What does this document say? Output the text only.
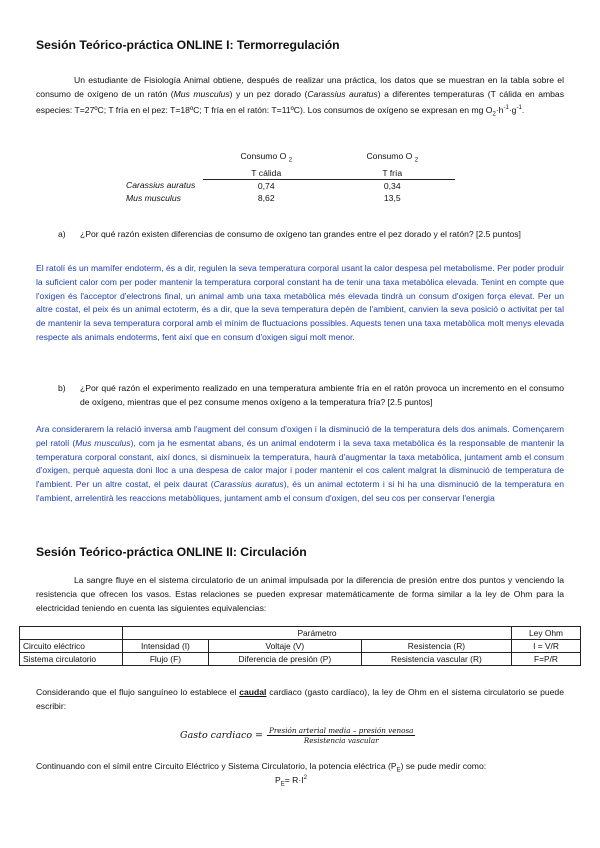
Sesión Teórico-práctica ONLINE I: Termorregulación
Un estudiante de Fisiología Animal obtiene, después de realizar una práctica, los datos que se muestran en la tabla sobre el consumo de oxígeno de un ratón (Mus musculus) y un pez dorado (Carassius auratus) a diferentes temperaturas (T cálida en ambas especies: T=27ºC; T fría en el pez: T=18ºC; T fría en el ratón: T=11ºC). Los consumos de oxígeno se expresan en mg $O_2\cdot h^{-1}\cdot g^{-1}$.
	Consumo O $_2$	Consumo O $_2$
	T cálida	T fría
Carassius auratus	0,74	0,34
Mus musculus	8,62	13,5
a) ¿Por qué razón existen diferencias de consumo de oxígeno tan grandes entre el pez dorado y el ratón? [2.5 puntos]
El ratolí és un mamífer endoterm, és a dir, regulen la seva temperatura corporal usant la calor despesa pel metabolisme. Per poder produir la suficient calor com per poder mantenir la temperatura corporal constant ha de tenir una taxa metabòlica elevada. Tenint en compte que l'oxigen és l'acceptor d'electrons final, un animal amb una taxa metabòlica més elevada tindrà un consum d'oxigen força elevat. Per un altre costat, el peix és un animal ectoterm, és a dir, que la seva temperatura depèn de l'ambient, canvien la seva posició o activitat per tal de mantenir la seva temperatura corporal amb el mínim de fluctuacions possibles. Aquests tenen una taxa metabòlica molt menys elevada respecte als animals endoterms, fent així que en consum d'oxigen sigui molt menor.
b) ¿Por qué razón el experimento realizado en una temperatura ambiente fría en el ratón provoca un incremento en el consumo de oxígeno, mientras que el pez consume menos oxígeno a la temperatura fría? [2.5 puntos]
Ara considerarem la relació inversa amb l'augment del consum d'oxigen i la disminució de la temperatura dels dos animals. Començarem pel ratolí (Mus musculus), com ja he esmentat abans, és un animal endoterm i la seva taxa metabòlica és la responsable de mantenir la temperatura corporal constant, així doncs, si disminueix la temperatura, haurà d'augmentar la taxa metabòlica, juntament amb el consum d'oxigen, perquè aquesta doni lloc a una despesa de calor major i poder mantenir el cos calent malgrat la disminució de temperatura de l'ambient. Per un altre costat, el peix daurat (Carassius auratus), és un animal ectoterm i si hi ha una disminució de la temperatura en l'ambient, arrelentirà les reaccions metabòliques, juntament amb el consum d'oxigen, del seu cos per conservar l'energia
Sesión Teórico-práctica ONLINE II: Circulación
La sangre fluye en el sistema circulatorio de un animal impulsada por la diferencia de presión entre dos puntos y venciendo la resistencia que ofrecen los vasos. Estas relaciones se pueden expresar matemáticamente de forma similar a la ley de Ohm para la electricidad teniendo en cuenta las siguientes equivalencias:
	Parámetro			Ley Ohm
Circuito eléctrico	Intensidad (I)	Voltaje (V)	Resistencia (R)	I = V/R
Sistema circulatorio	Flujo (F)	Diferencia de presión (P)	Resistencia vascular (R)	F=P/R
Considerando que el flujo sanguíneo lo establece el caudal cardiaco (gasto cardíaco), la ley de Ohm en el sistema circulatorio se puede escribir:
Gasto cardiaco = $\frac{\text{Presión arterial media – presión venosa}}{\text{Resistencia vascular}}$
Continuando con el símil entre Circuito Eléctrico y Sistema Circulatorio, la potencia eléctrica $(P_E)$ se pude medir como:
$P_E= R\cdot I^2$
